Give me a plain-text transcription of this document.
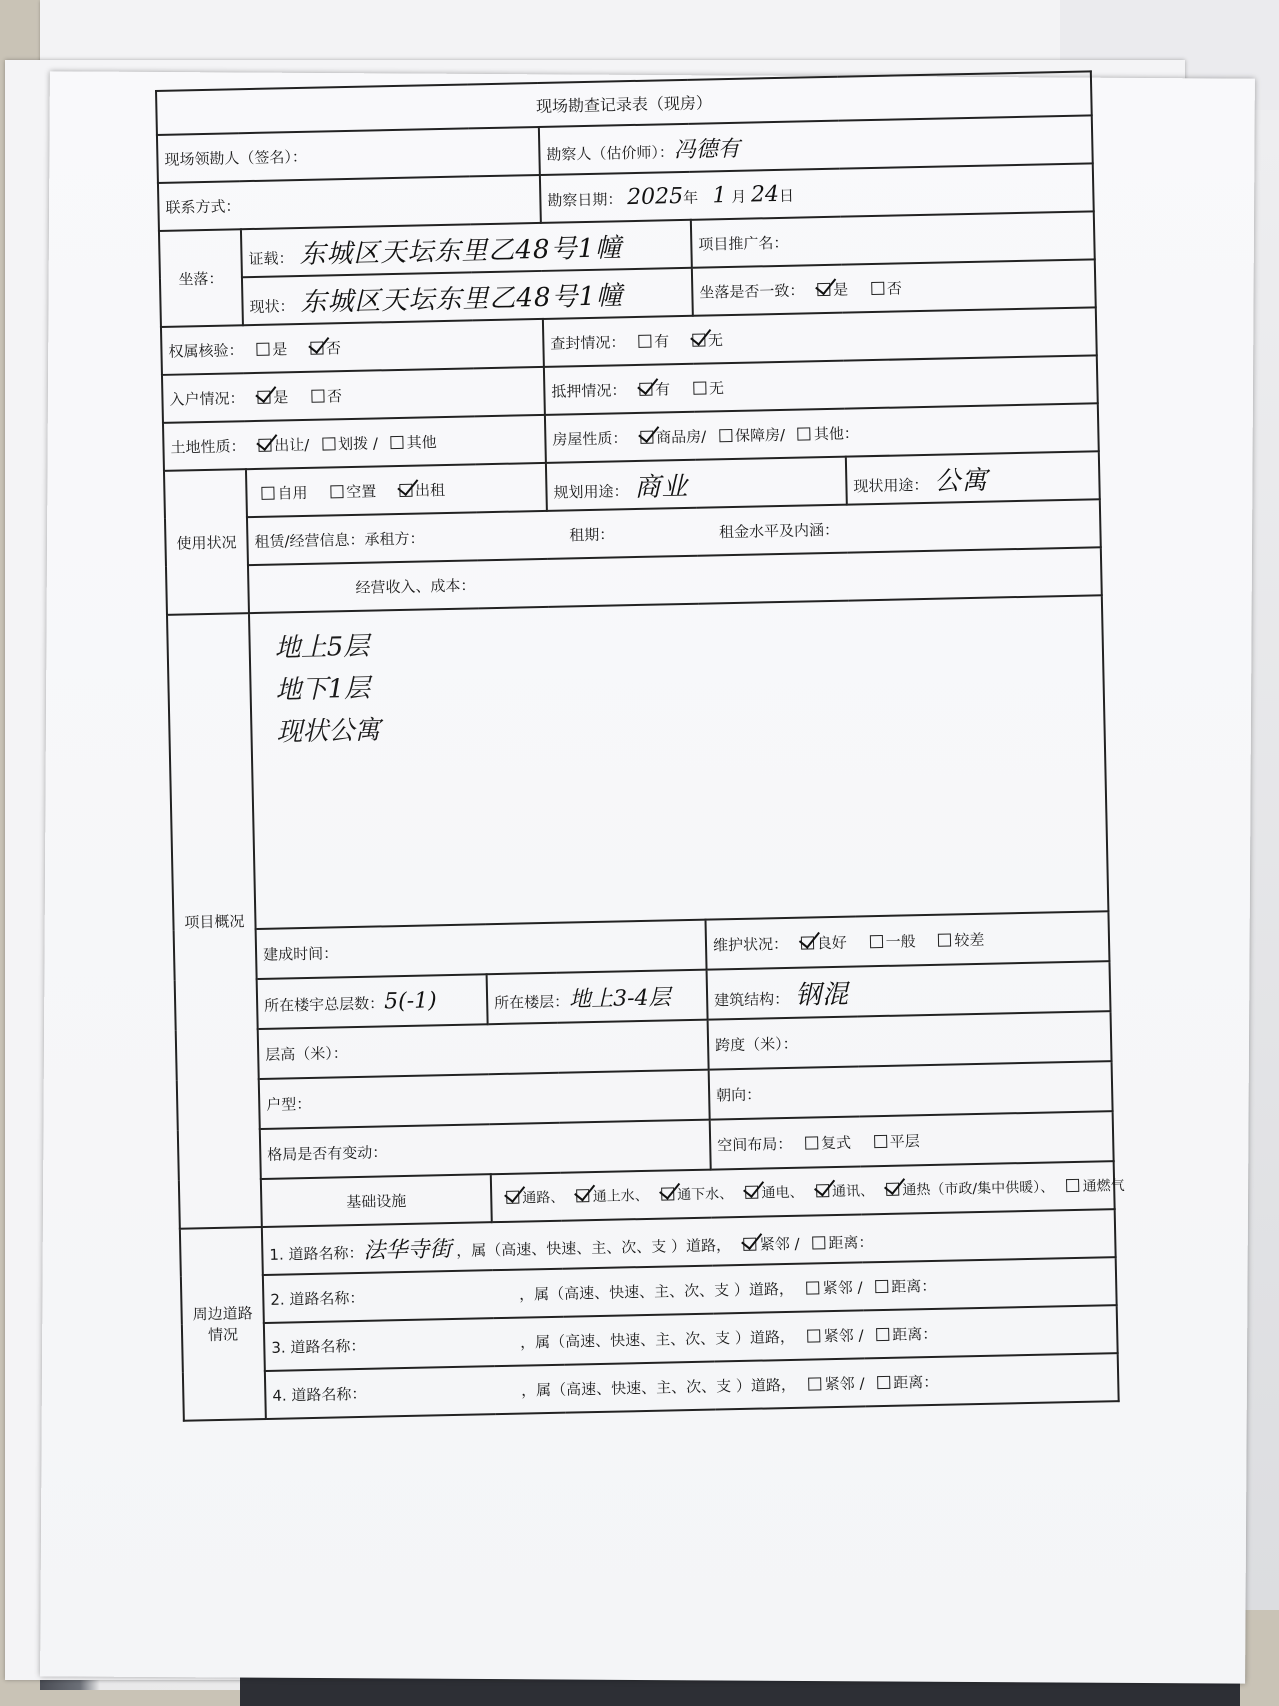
现场勘查记录表（现房）					
现场领勘人（签名）：			勘察人（估价师）：冯德有		
联系方式：			勘察日期： 2025年 1 月 24日		
坐落：	证载： 东城区天坛东里乙48号1幢			项目推广名：	
	现状： 东城区天坛东里乙48号1幢			坐落是否一致： 是 否	
权属核验： 是 否			查封情况： 有 无		
入户情况： 是 否			抵押情况： 有 无		
土地性质： 出让/ 划拨 / 其他			房屋性质： 商品房/ 保障房/ 其他：		
使用状况	自用 空置 出租		规划用途： 商业		现状用途： 公寓
	租赁/经营信息：承租方： 租期： 租金水平及内涵：				
	经营收入、成本：				
项目概况	地上5层
地下1层
现状公寓				

	建成时间：			维护状况： 良好 一般 较差	
	所在楼宇总层数：5(-1)	所在楼层：地上3-4层		建筑结构： 钢混	
	层高（米）：			跨度（米）：	
	户型：			朝向：	
	格局是否有变动：			空间布局： 复式 平层	
	基础设施	通路、 通上水、 通下水、 通电、 通讯、 通热（市政/集中供暖）、 通燃气			
周边道路
情况	1. 道路名称：法华寺街 ，属（高速、快速、主、次、支 ）道路， 紧邻 / 距离：				
	2. 道路名称： ，属（高速、快速、主、次、支 ）道路， 紧邻 / 距离：				
	3. 道路名称： ，属（高速、快速、主、次、支 ）道路， 紧邻 / 距离：				
	4. 道路名称： ，属（高速、快速、主、次、支 ）道路， 紧邻 / 距离：				
